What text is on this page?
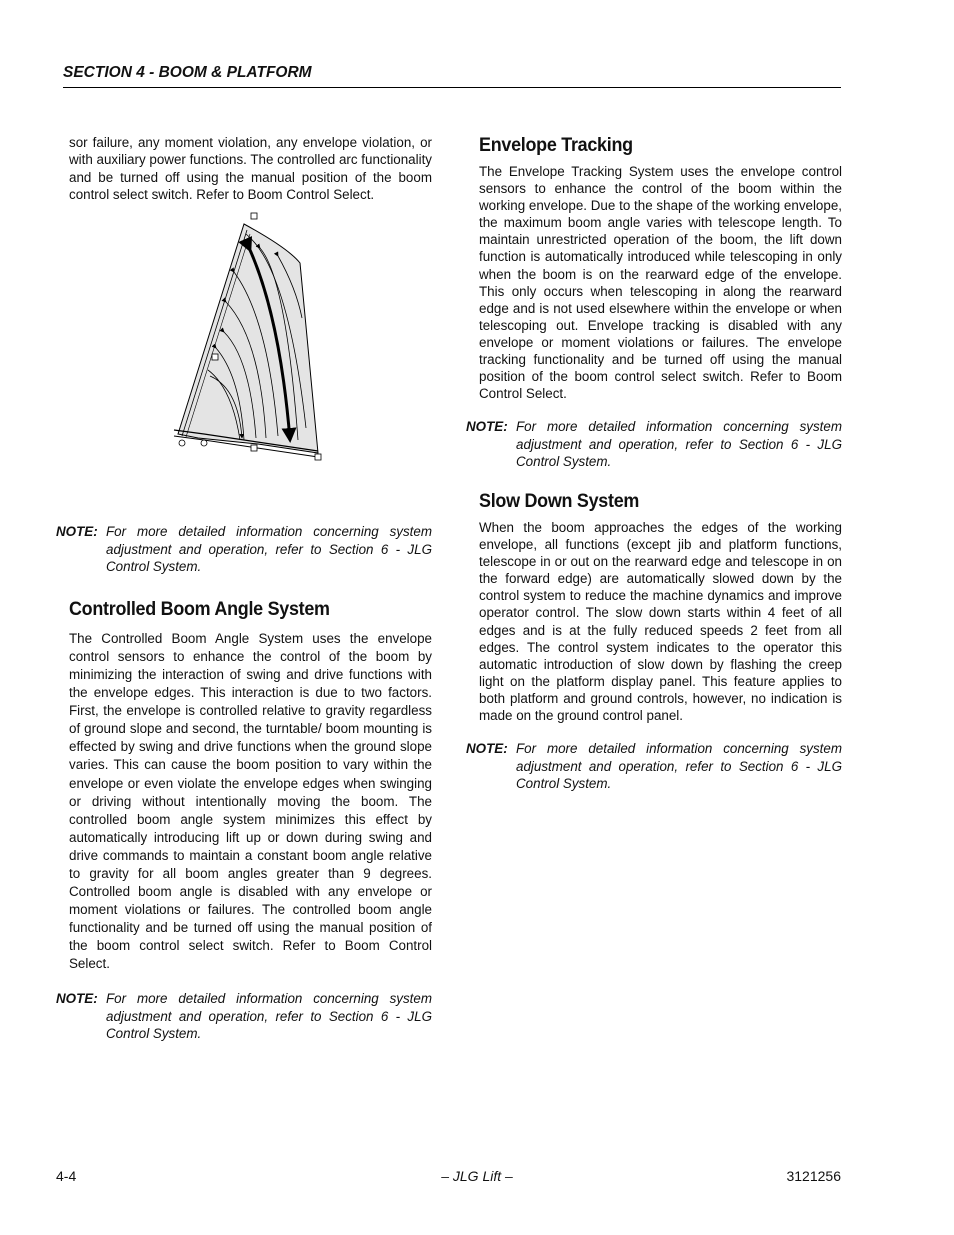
SECTION 4 - BOOM & PLATFORM

sor failure, any moment violation, any envelope violation, or with auxiliary power functions. The controlled arc functionality and be turned off using the manual position of the boom control select switch. Refer to Boom Control Select.

NOTE: For more detailed information concerning system adjustment and operation, refer to Section 6 - JLG Control System.
Controlled Boom Angle System

The Controlled Boom Angle System uses the envelope control sensors to enhance the control of the boom by minimizing the interaction of swing and drive functions with the envelope edges. This interaction is due to two factors. First, the envelope is controlled relative to gravity regardless of ground slope and second, the turntable/ boom mounting is effected by swing and drive functions when the ground slope varies. This can cause the boom position to vary within the envelope or even violate the envelope edges when swinging or driving without intentionally moving the boom. The controlled boom angle system minimizes this effect by automatically introducing lift up or down during swing and drive commands to maintain a constant boom angle relative to gravity for all boom angles greater than 9 degrees. Controlled boom angle is disabled with any envelope or moment violations or failures. The controlled boom angle functionality and be turned off using the manual position of the boom control select switch. Refer to Boom Control Select.

NOTE: For more detailed information concerning system adjustment and operation, refer to Section 6 - JLG Control System.
Envelope Tracking

The Envelope Tracking System uses the envelope control sensors to enhance the control of the boom within the working envelope. Due to the shape of the working envelope, the maximum boom angle varies with telescope length. To maintain unrestricted operation of the boom, the lift down function is automatically introduced while telescoping in only when the boom is on the rearward edge of the envelope. This only occurs when telescoping in along the rearward edge and is not used elsewhere within the envelope or when telescoping out. Envelope tracking is disabled with any envelope or moment violations or failures. The envelope tracking functionality and be turned off using the manual position of the boom control select switch. Refer to Boom Control Select.

NOTE: For more detailed information concerning system adjustment and operation, refer to Section 6 - JLG Control System.
Slow Down System

When the boom approaches the edges of the working envelope, all functions (except jib and platform functions, telescope in or out on the rearward edge and telescope in on the forward edge) are automatically slowed down by the control system to reduce the machine dynamics and improve operator control. The slow down starts within 4 feet of all edges and is at the fully reduced speeds 2 feet from all edges. The control system indicates to the operator this automatic introduction of slow down by flashing the creep light on the platform display panel. This feature applies to both platform and ground controls, however, no indication is made on the ground control panel.

NOTE: For more detailed information concerning system adjustment and operation, refer to Section 6 - JLG Control System.
4-4	– JLG Lift –	3121256
